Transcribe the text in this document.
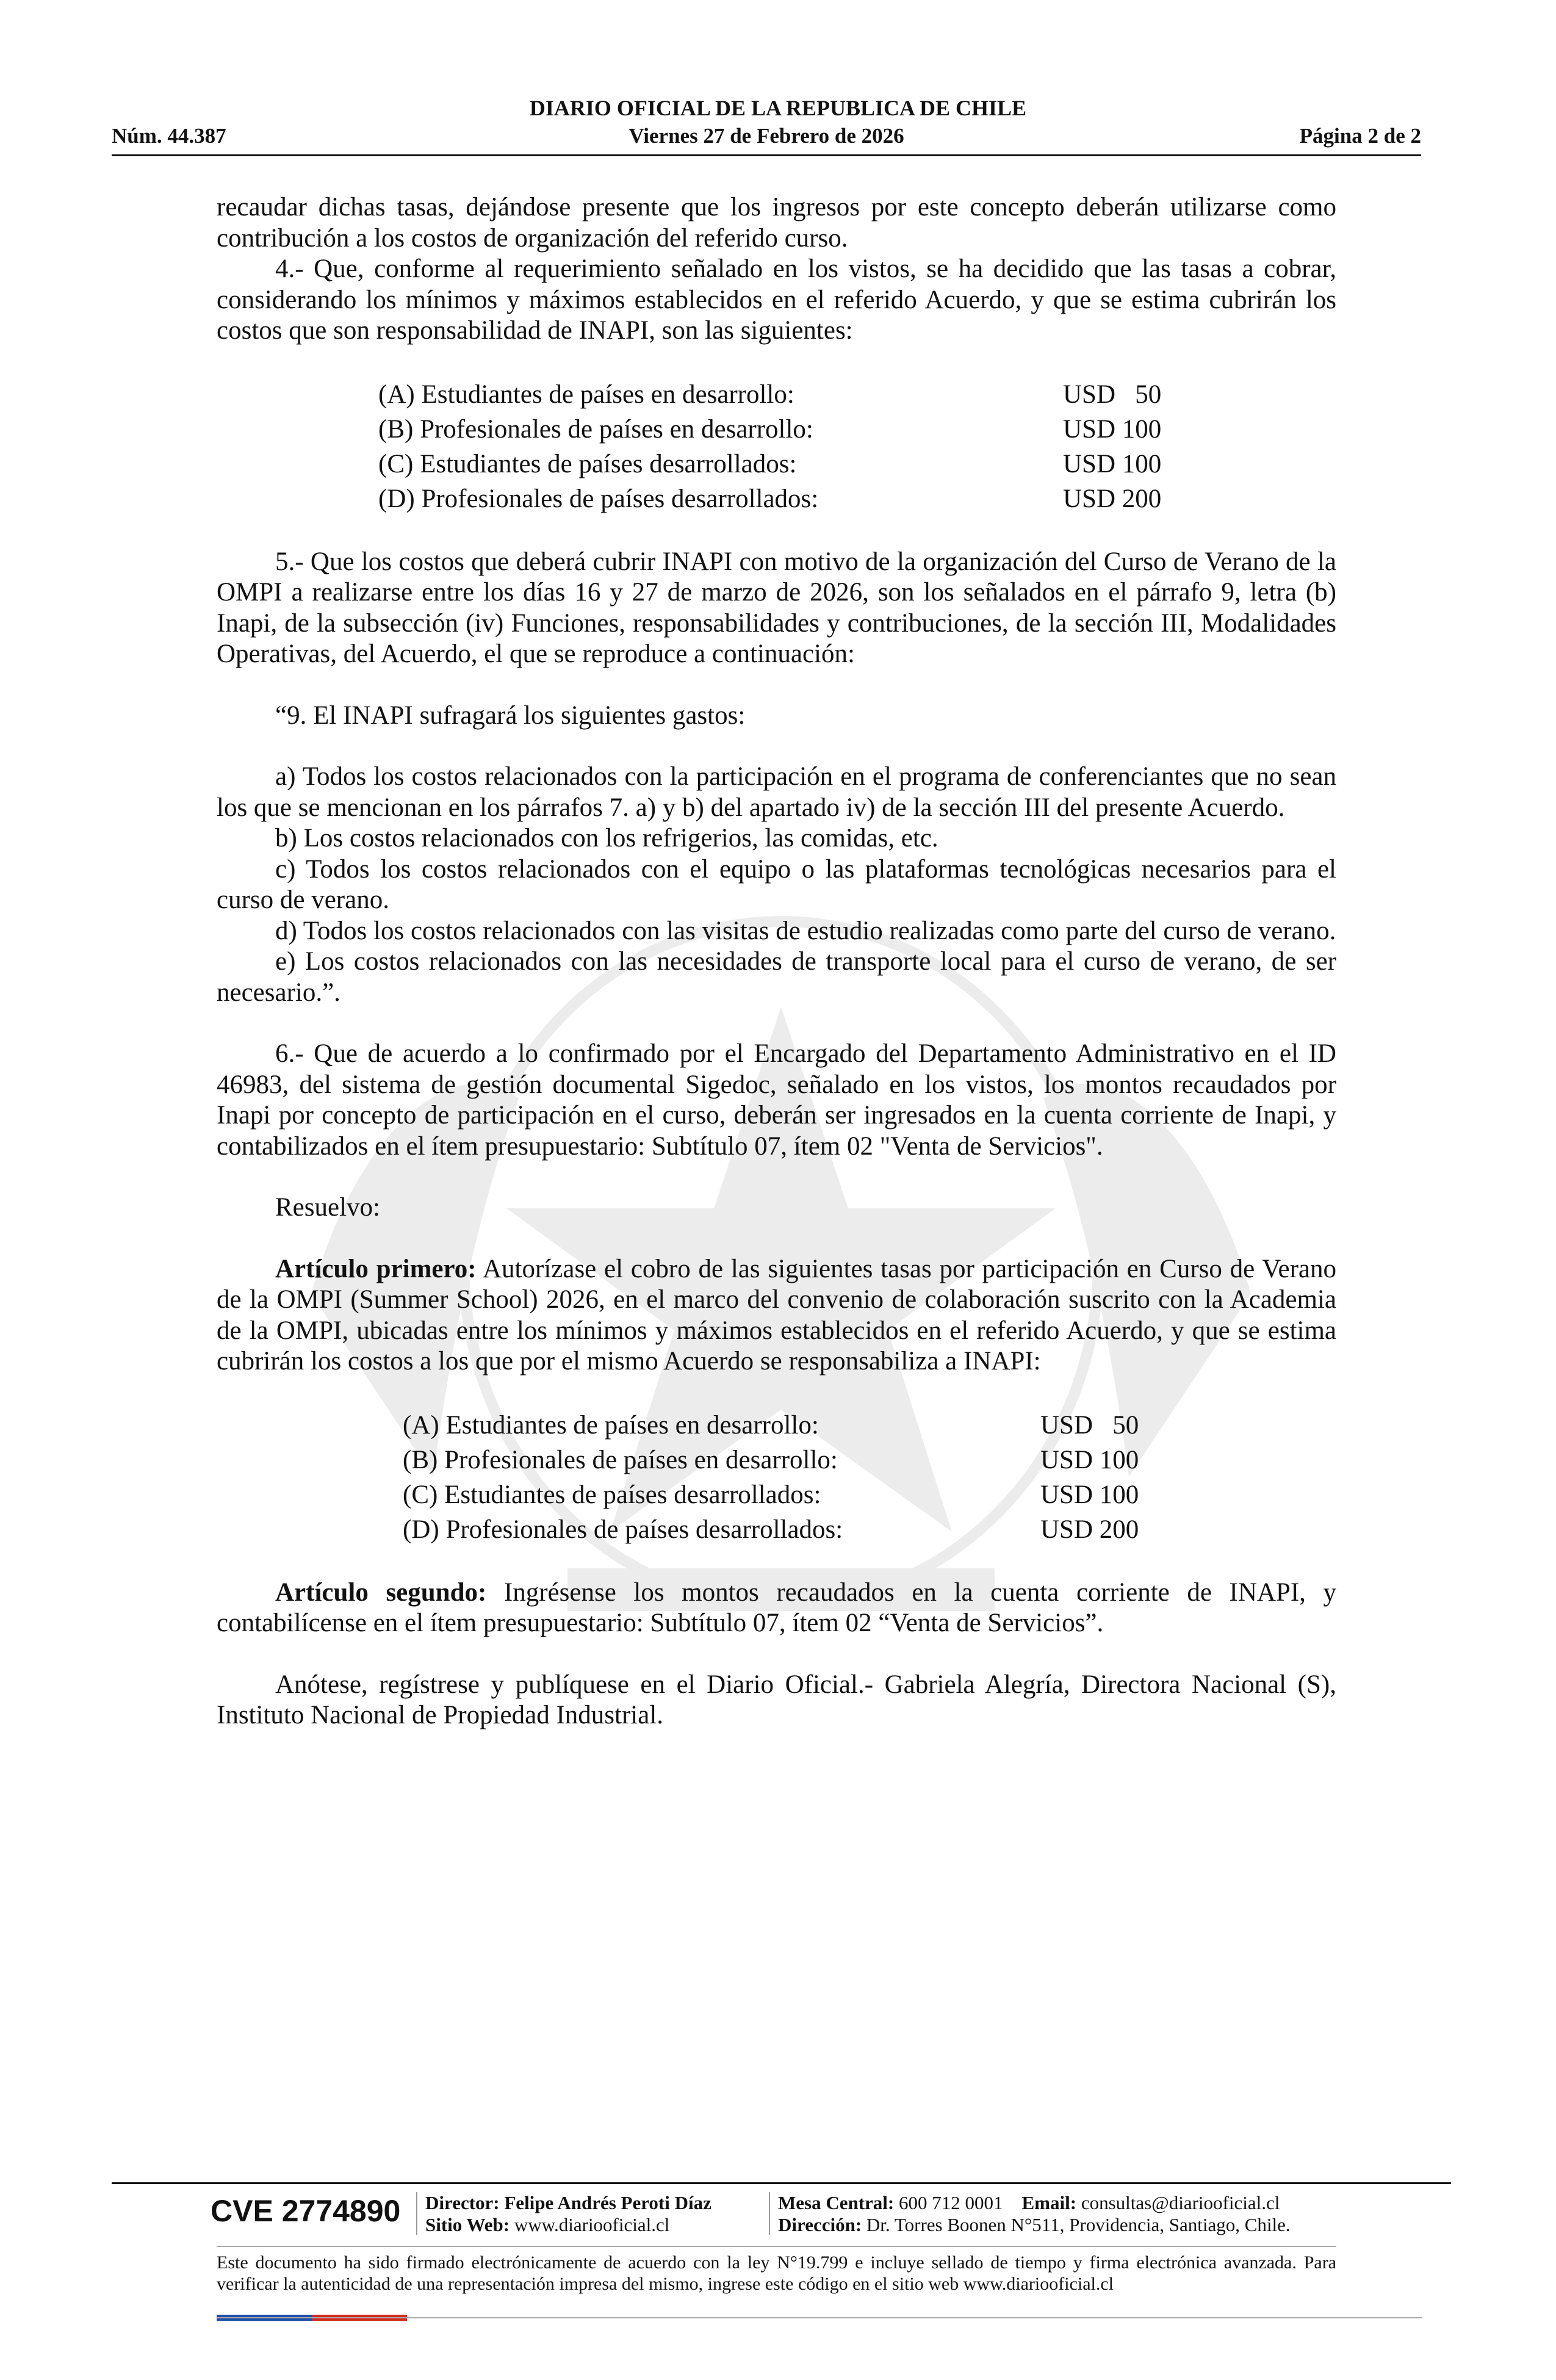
DIARIO OFICIAL DE LA REPUBLICA DE CHILE
Núm. 44.387	Viernes 27 de Febrero de 2026	Página 2 de 2

recaudar dichas tasas, dejándose presente que los ingresos por este concepto deberán utilizarse como contribución a los costos de organización del referido curso.

4.- Que, conforme al requerimiento señalado en los vistos, se ha decidido que las tasas a cobrar, considerando los mínimos y máximos establecidos en el referido Acuerdo, y que se estima cubrirán los costos que son responsabilidad de INAPI, son las siguientes:

(A) Estudiantes de países en desarrollo:	USD   50
(B) Profesionales de países en desarrollo:	USD 100
(C) Estudiantes de países desarrollados:	USD 100
(D) Profesionales de países desarrollados:	USD 200

5.- Que los costos que deberá cubrir INAPI con motivo de la organización del Curso de Verano de la OMPI a realizarse entre los días 16 y 27 de marzo de 2026, son los señalados en el párrafo 9, letra (b) Inapi, de la subsección (iv) Funciones, responsabilidades y contribuciones, de la sección III, Modalidades Operativas, del Acuerdo, el que se reproduce a continuación:

“9. El INAPI sufragará los siguientes gastos:

a) Todos los costos relacionados con la participación en el programa de conferenciantes que no sean los que se mencionan en los párrafos 7. a) y b) del apartado iv) de la sección III del presente Acuerdo.

b) Los costos relacionados con los refrigerios, las comidas, etc.

c) Todos los costos relacionados con el equipo o las plataformas tecnológicas necesarios para el curso de verano.

d) Todos los costos relacionados con las visitas de estudio realizadas como parte del curso de verano.

e) Los costos relacionados con las necesidades de transporte local para el curso de verano, de ser necesario.”.

6.- Que de acuerdo a lo confirmado por el Encargado del Departamento Administrativo en el ID 46983, del sistema de gestión documental Sigedoc, señalado en los vistos, los montos recaudados por Inapi por concepto de participación en el curso, deberán ser ingresados en la cuenta corriente de Inapi, y contabilizados en el ítem presupuestario: Subtítulo 07, ítem 02 "Venta de Servicios".

Resuelvo:

Artículo primero: Autorízase el cobro de las siguientes tasas por participación en Curso de Verano de la OMPI (Summer School) 2026, en el marco del convenio de colaboración suscrito con la Academia de la OMPI, ubicadas entre los mínimos y máximos establecidos en el referido Acuerdo, y que se estima cubrirán los costos a los que por el mismo Acuerdo se responsabiliza a INAPI:

(A) Estudiantes de países en desarrollo:	USD   50
(B) Profesionales de países en desarrollo:	USD 100
(C) Estudiantes de países desarrollados:	USD 100
(D) Profesionales de países desarrollados:	USD 200

Artículo segundo: Ingrésense los montos recaudados en la cuenta corriente de INAPI, y contabilícense en el ítem presupuestario: Subtítulo 07, ítem 02 “Venta de Servicios”.

Anótese, regístrese y publíquese en el Diario Oficial.- Gabriela Alegría, Directora Nacional (S), Instituto Nacional de Propiedad Industrial.

CVE 2774890 Director: Felipe Andrés Peroti Díaz
Sitio Web: www.diariooficial.cl
Mesa Central: 600 712 0001 Email: consultas@diariooficial.cl
Dirección: Dr. Torres Boonen N°511, Providencia, Santiago, Chile.
Este documento ha sido firmado electrónicamente de acuerdo con la ley N°19.799 e incluye sellado de tiempo y firma electrónica avanzada. Para verificar la autenticidad de una representación impresa del mismo, ingrese este código en el sitio web www.diariooficial.cl
